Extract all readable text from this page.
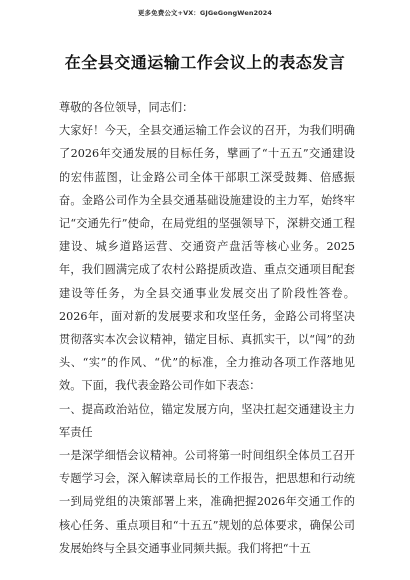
更多免费公文+VX：GJGeGongWen2024
在全县交通运输工作会议上的表态发言

尊敬的各位领导，同志们：

大家好！今天，全县交通运输工作会议的召开，为我们明确了2026年交通发展的目标任务，擘画了“十五五”交通建设的宏伟蓝图，让金路公司全体干部职工深受鼓舞、倍感振奋。金路公司作为全县交通基础设施建设的主力军，始终牢记“交通先行”使命，在局党组的坚强领导下，深耕交通工程建设、城乡道路运营、交通资产盘活等核心业务。2025年，我们圆满完成了农村公路提质改造、重点交通项目配套建设等任务，为全县交通事业发展交出了阶段性答卷。2026年，面对新的发展要求和攻坚任务，金路公司将坚决贯彻落实本次会议精神，锚定目标、真抓实干，以“闯”的劲头、“实”的作风、“优”的标准，全力推动各项工作落地见效。下面，我代表金路公司作如下表态：

一、提高政治站位，锚定发展方向，坚决扛起交通建设主力军责任

一是深学细悟会议精神。公司将第一时间组织全体员工召开专题学习会，深入解读章局长的工作报告，把思想和行动统一到局党组的决策部署上来，准确把握2026年交通工作的核心任务、重点项目和“十五五”规划的总体要求，确保公司发展始终与全县交通事业同频共振。我们将把“十五
